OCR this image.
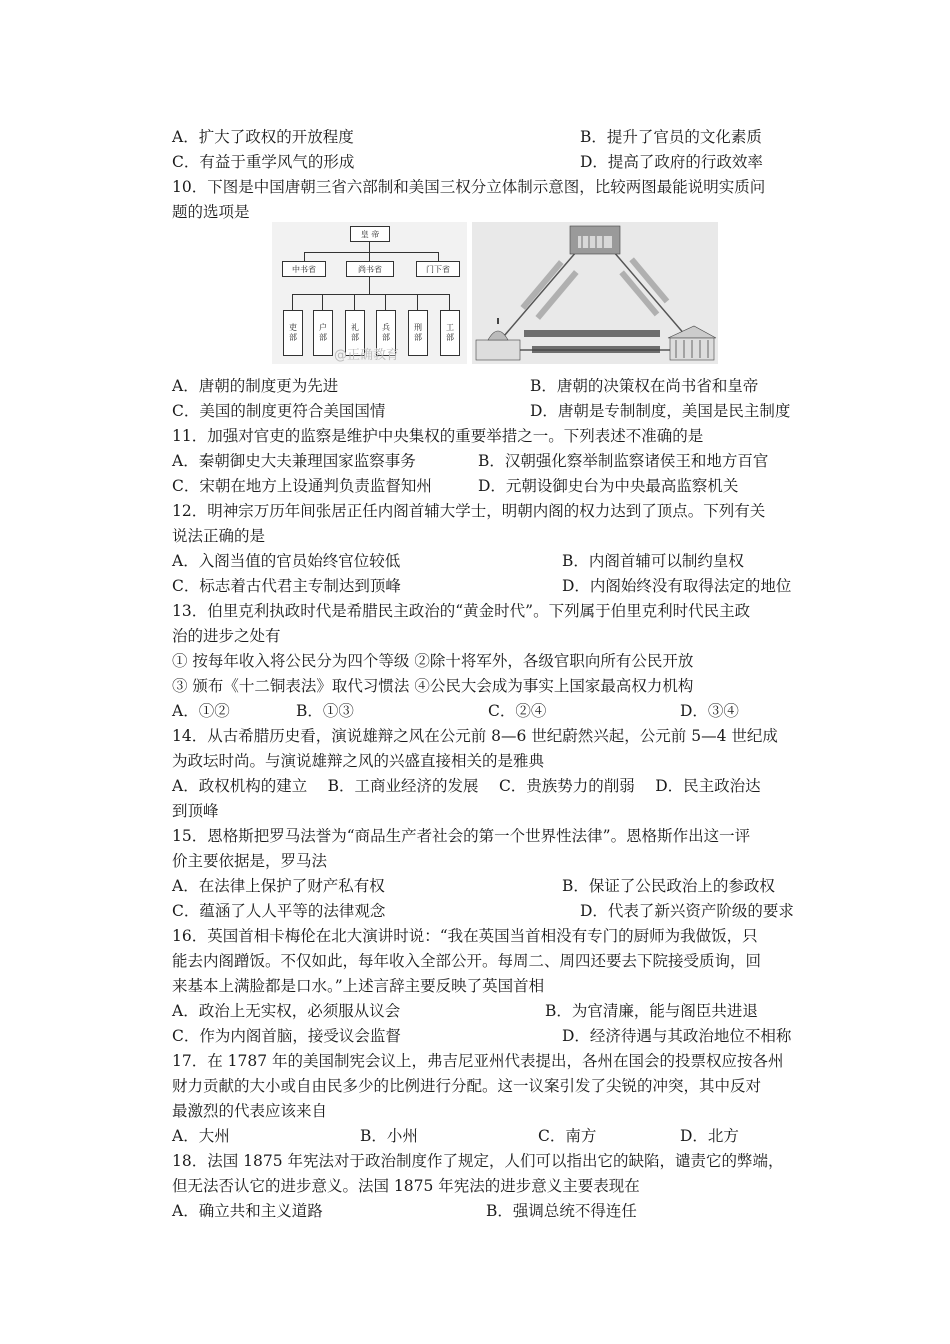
A．扩大了政权的开放程度	B．提升了官员的文化素质
C．有益于重学风气的形成	D．提高了政府的行政效率
10．下图是中国唐朝三省六部制和美国三权分立体制示意图，比较两图最能说明实质问
题的选项是
皇 帝
中书省	尚书省	门下省
吏部	户部	礼部	兵部	刑部	工部
@正确教育
A．唐朝的制度更为先进	B．唐朝的决策权在尚书省和皇帝
C．美国的制度更符合美国国情	D．唐朝是专制制度，美国是民主制度
11．加强对官吏的监察是维护中央集权的重要举措之一。下列表述不准确的是
A．秦朝御史大夫兼理国家监察事务	B．汉朝强化察举制监察诸侯王和地方百官
C．宋朝在地方上设通判负责监督知州	D．元朝设御史台为中央最高监察机关
12．明神宗万历年间张居正任内阁首辅大学士，明朝内阁的权力达到了顶点。下列有关
说法正确的是
A．入阁当值的官员始终官位较低	B．内阁首辅可以制约皇权
C．标志着古代君主专制达到顶峰	D．内阁始终没有取得法定的地位
13．伯里克利执政时代是希腊民主政治的“黄金时代”。下列属于伯里克利时代民主政
治的进步之处有
① 按每年收入将公民分为四个等级 ②除十将军外，各级官职向所有公民开放
③ 颁布《十二铜表法》取代习惯法 ④公民大会成为事实上国家最高权力机构
A．①②	B．①③	C．②④	D．③④
14．从古希腊历史看，演说雄辩之风在公元前 8—6 世纪蔚然兴起，公元前 5—4 世纪成
为政坛时尚。与演说雄辩之风的兴盛直接相关的是雅典
A．政权机构的建立　 B．工商业经济的发展　 C．贵族势力的削弱　 D．民主政治达
到顶峰
15．恩格斯把罗马法誉为“商品生产者社会的第一个世界性法律”。恩格斯作出这一评
价主要依据是，罗马法
A．在法律上保护了财产私有权	B．保证了公民政治上的参政权
C．蕴涵了人人平等的法律观念	D．代表了新兴资产阶级的要求
16．英国首相卡梅伦在北大演讲时说：“我在英国当首相没有专门的厨师为我做饭，只
能去内阁蹭饭。不仅如此，每年收入全部公开。每周二、周四还要去下院接受质询，回
来基本上满脸都是口水。”上述言辞主要反映了英国首相
A．政治上无实权，必须服从议会	B．为官清廉，能与阁臣共进退
C．作为内阁首脑，接受议会监督	D．经济待遇与其政治地位不相称
17．在 1787 年的美国制宪会议上，弗吉尼亚州代表提出，各州在国会的投票权应按各州
财力贡献的大小或自由民多少的比例进行分配。这一议案引发了尖锐的冲突，其中反对
最激烈的代表应该来自
A．大州	B．小州	C．南方	D．北方
18．法国 1875 年宪法对于政治制度作了规定，人们可以指出它的缺陷，谴责它的弊端，
但无法否认它的进步意义。法国 1875 年宪法的进步意义主要表现在
A．确立共和主义道路	B．强调总统不得连任
